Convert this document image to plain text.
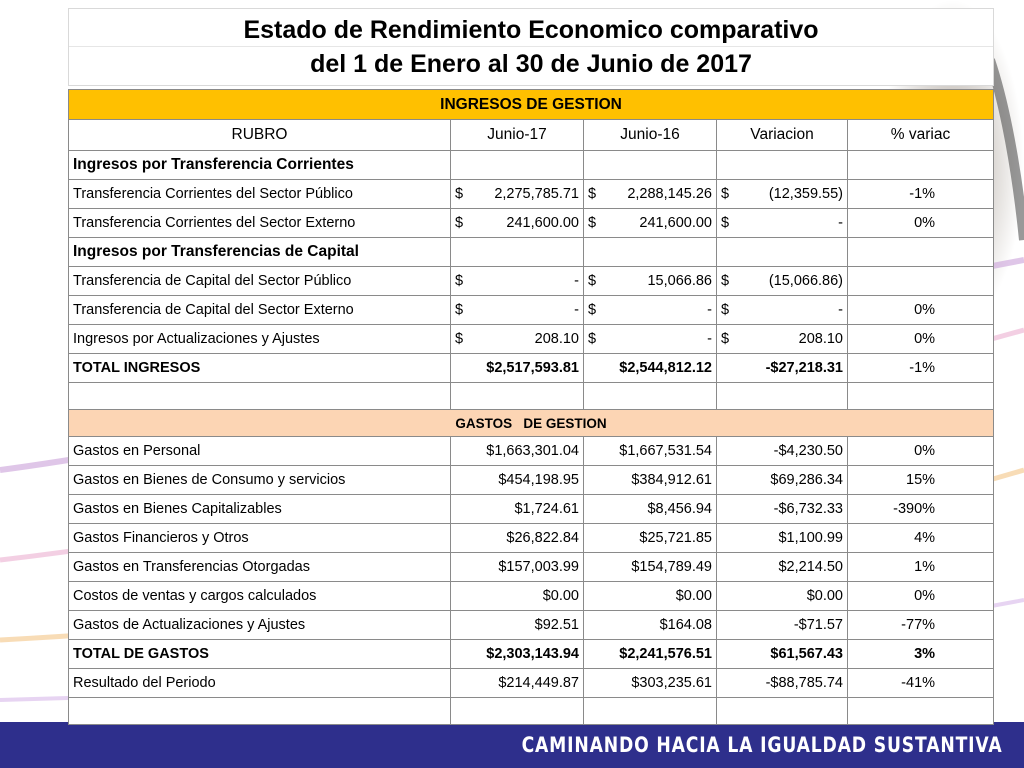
CAMINANDO HACIA LA IGUALDAD SUSTANTIVA
Estado de Rendimiento Economico comparativo
del 1 de Enero al 30 de Junio de 2017
INGRESOS DE GESTION				
RUBRO	Junio-17	Junio-16	Variacion	% variac
Ingresos por Transferencia Corrientes				
Transferencia Corrientes del Sector Público	$ 2,275,785.71	$ 2,288,145.26	$ (12,359.55)	-1%
Transferencia Corrientes del Sector Externo	$ 241,600.00	$ 241,600.00	$ -	0%
Ingresos por Transferencias de Capital				
Transferencia de Capital del Sector Público	$ -	$ 15,066.86	$ (15,066.86)	

Transferencia de Capital del Sector Externo	$ -	$ -	$ -	0%
Ingresos por Actualizaciones y Ajustes	$ 208.10	$ -	$ 208.10	0%
TOTAL INGRESOS	$2,517,593.81	$2,544,812.12	-$27,218.31	-1%

GASTOS   DE GESTION				
Gastos en Personal	$1,663,301.04	$1,667,531.54	-$4,230.50	0%
Gastos en Bienes de Consumo y servicios	$454,198.95	$384,912.61	$69,286.34	15%
Gastos en Bienes Capitalizables	$1,724.61	$8,456.94	-$6,732.33	-390%
Gastos Financieros y Otros	$26,822.84	$25,721.85	$1,100.99	4%
Gastos en Transferencias Otorgadas	$157,003.99	$154,789.49	$2,214.50	1%
Costos de ventas y cargos calculados	$0.00	$0.00	$0.00	0%
Gastos de Actualizaciones y Ajustes	$92.51	$164.08	-$71.57	-77%
TOTAL DE GASTOS	$2,303,143.94	$2,241,576.51	$61,567.43	3%
Resultado del Periodo	$214,449.87	$303,235.61	-$88,785.74	-41%
